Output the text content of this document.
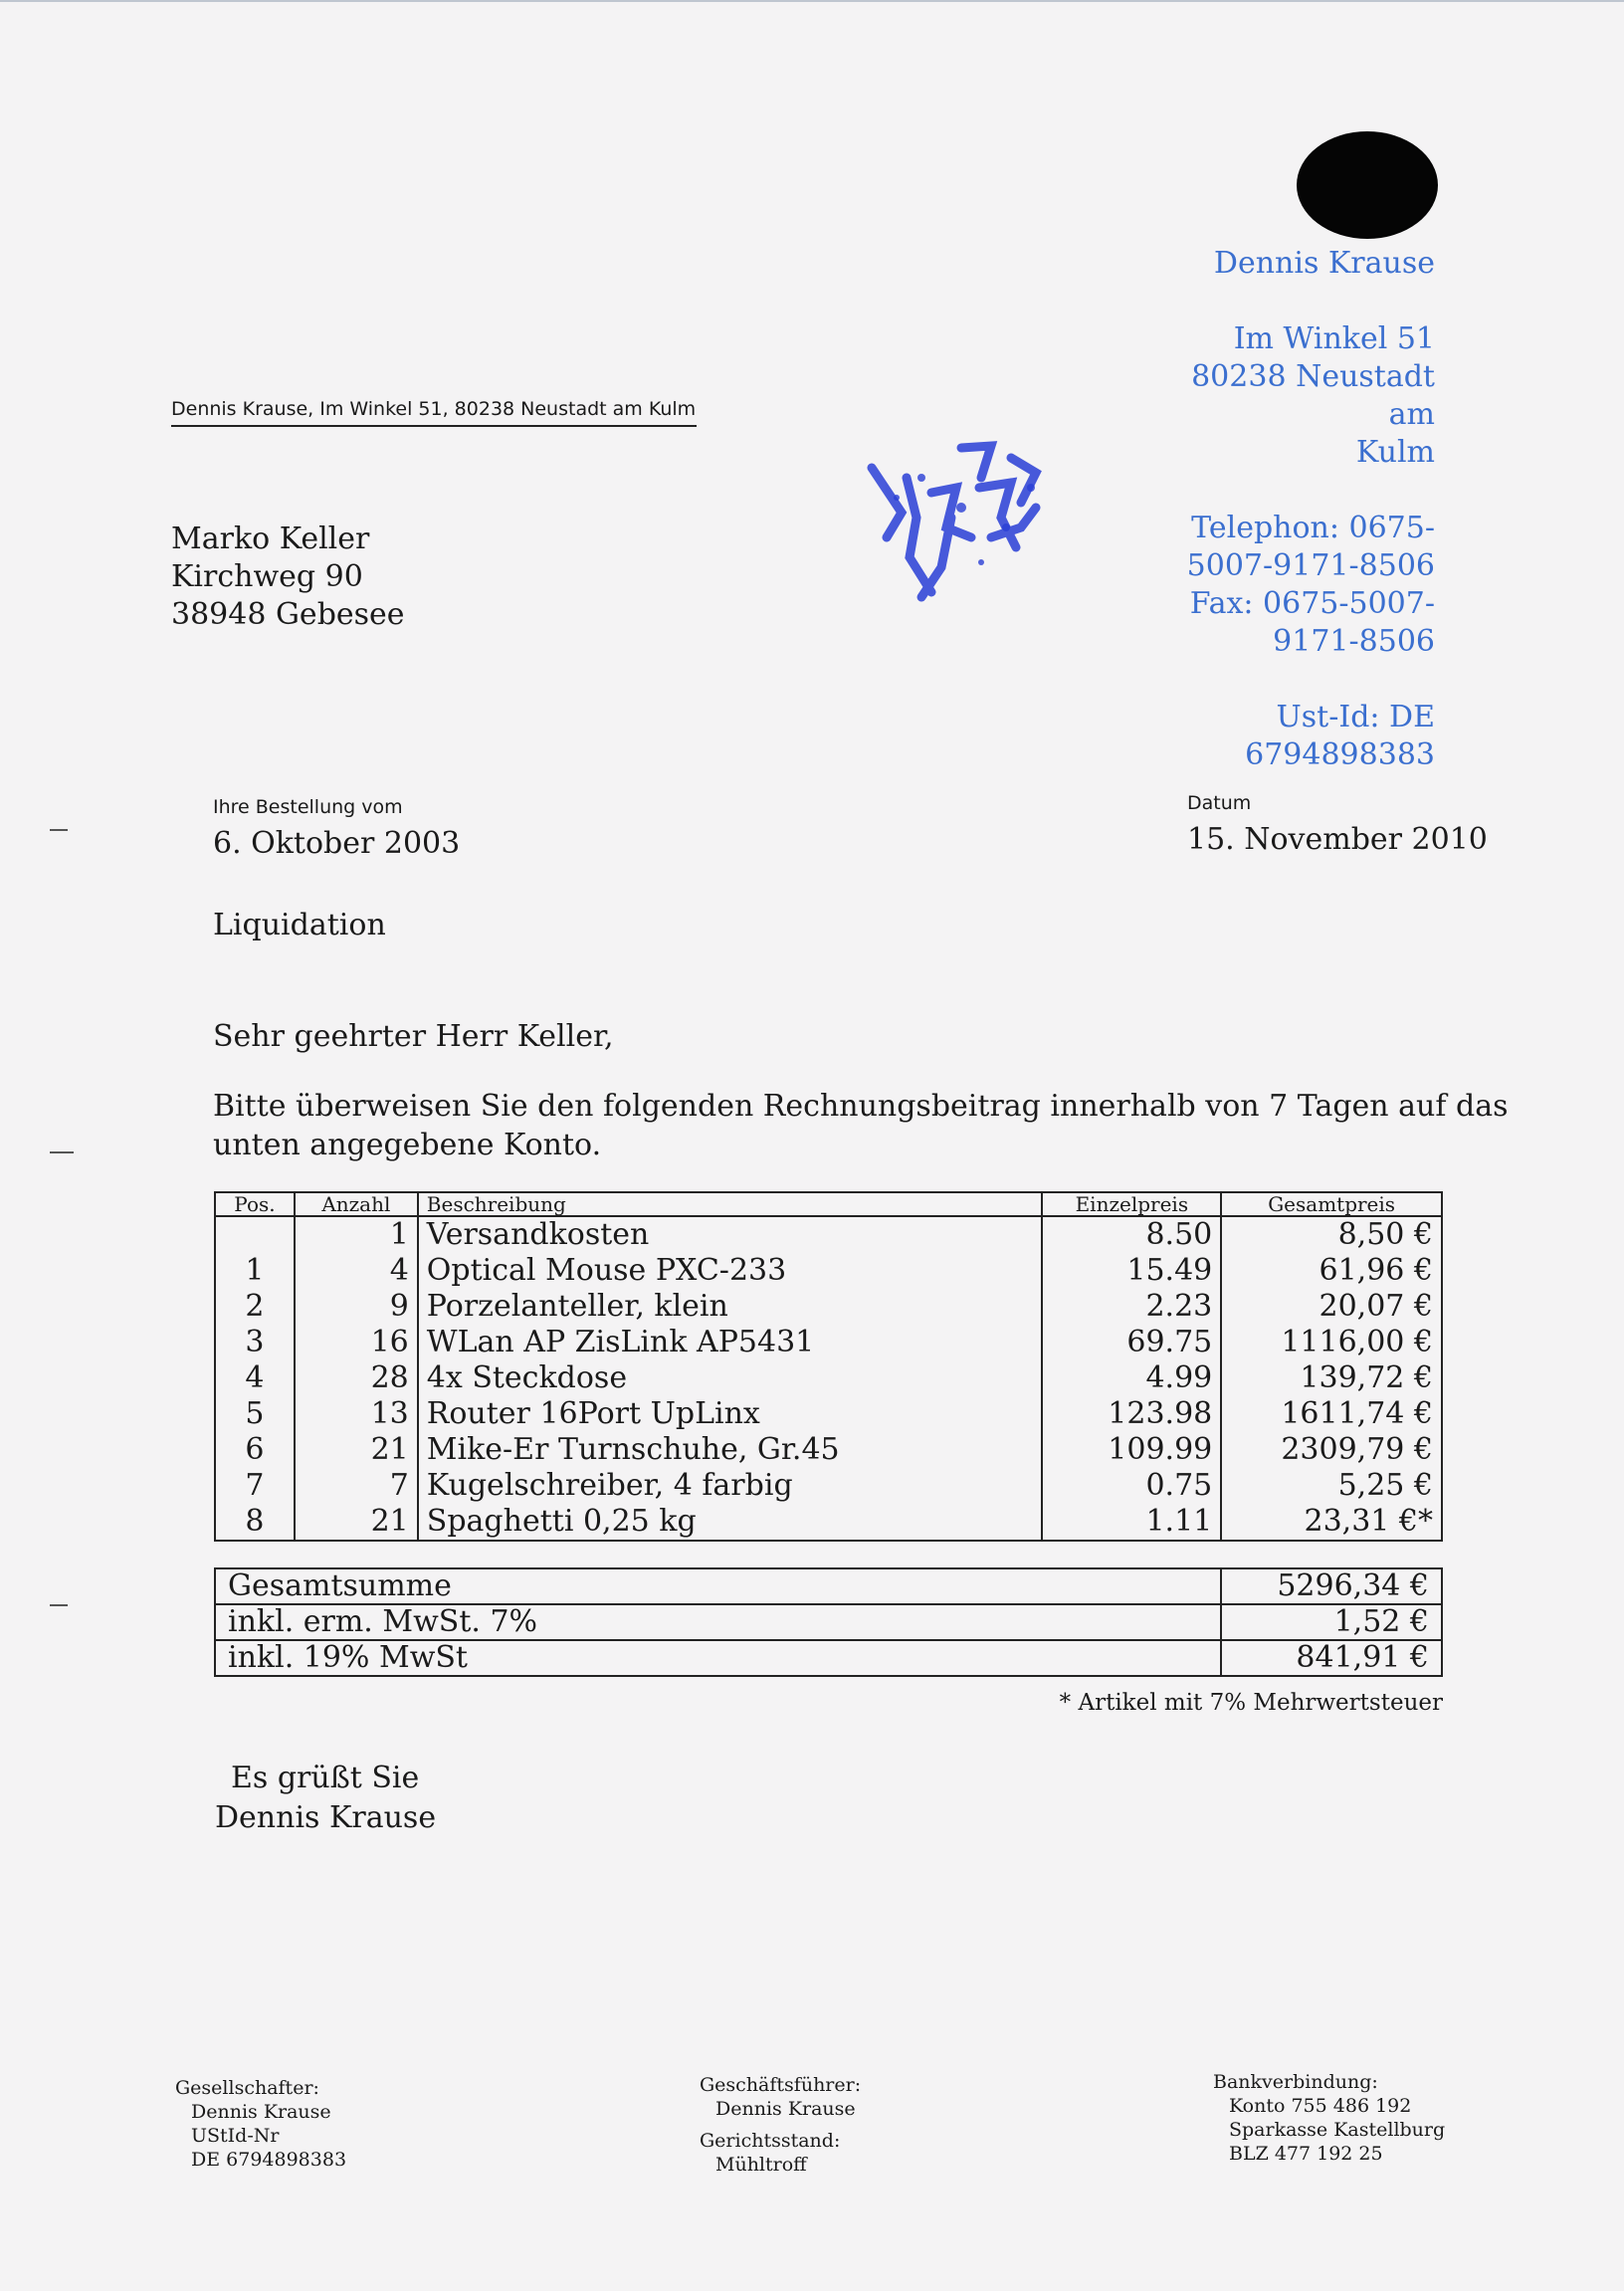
Dennis Krause
Im Winkel 51
80238 Neustadt am
Kulm
Telephon: 0675-
5007-9171-8506
Fax: 0675-5007-
9171-8506
Ust-Id: DE
6794898383
Dennis Krause, Im Winkel 51, 80238 Neustadt am Kulm
Marko Keller
Kirchweg 90
38948 Gebesee
Ihre Bestellung vom
6. Oktober 2003
Datum
15. November 2010
Liquidation
Sehr geehrter Herr Keller,
Bitte überweisen Sie den folgenden Rechnungsbeitrag innerhalb von 7 Tagen auf das
unten angegebene Konto.
Pos.	Anzahl	Beschreibung	Einzelpreis	Gesamtpreis
	1	Versandkosten	8.50	8,50 €
1	4	Optical Mouse PXC-233	15.49	61,96 €
2	9	Porzelanteller, klein	2.23	20,07 €
3	16	WLan AP ZisLink AP5431	69.75	1116,00 €
4	28	4x Steckdose	4.99	139,72 €
5	13	Router 16Port UpLinx	123.98	1611,74 €
6	21	Mike-Er Turnschuhe, Gr.45	109.99	2309,79 €
7	7	Kugelschreiber, 4 farbig	0.75	5,25 €
8	21	Spaghetti 0,25 kg	1.11	23,31 €*
Gesamtsumme	5296,34 €
inkl. erm. MwSt. 7%	1,52 €
inkl. 19% MwSt	841,91 €
* Artikel mit 7% Mehrwertsteuer
Es grüßt Sie
Dennis Krause
Gesellschafter:
Dennis Krause
UStId-Nr
DE 6794898383
Geschäftsführer:
Dennis Krause
Gerichtsstand:
Mühltroff
Bankverbindung:
Konto 755 486 192
Sparkasse Kastellburg
BLZ 477 192 25
